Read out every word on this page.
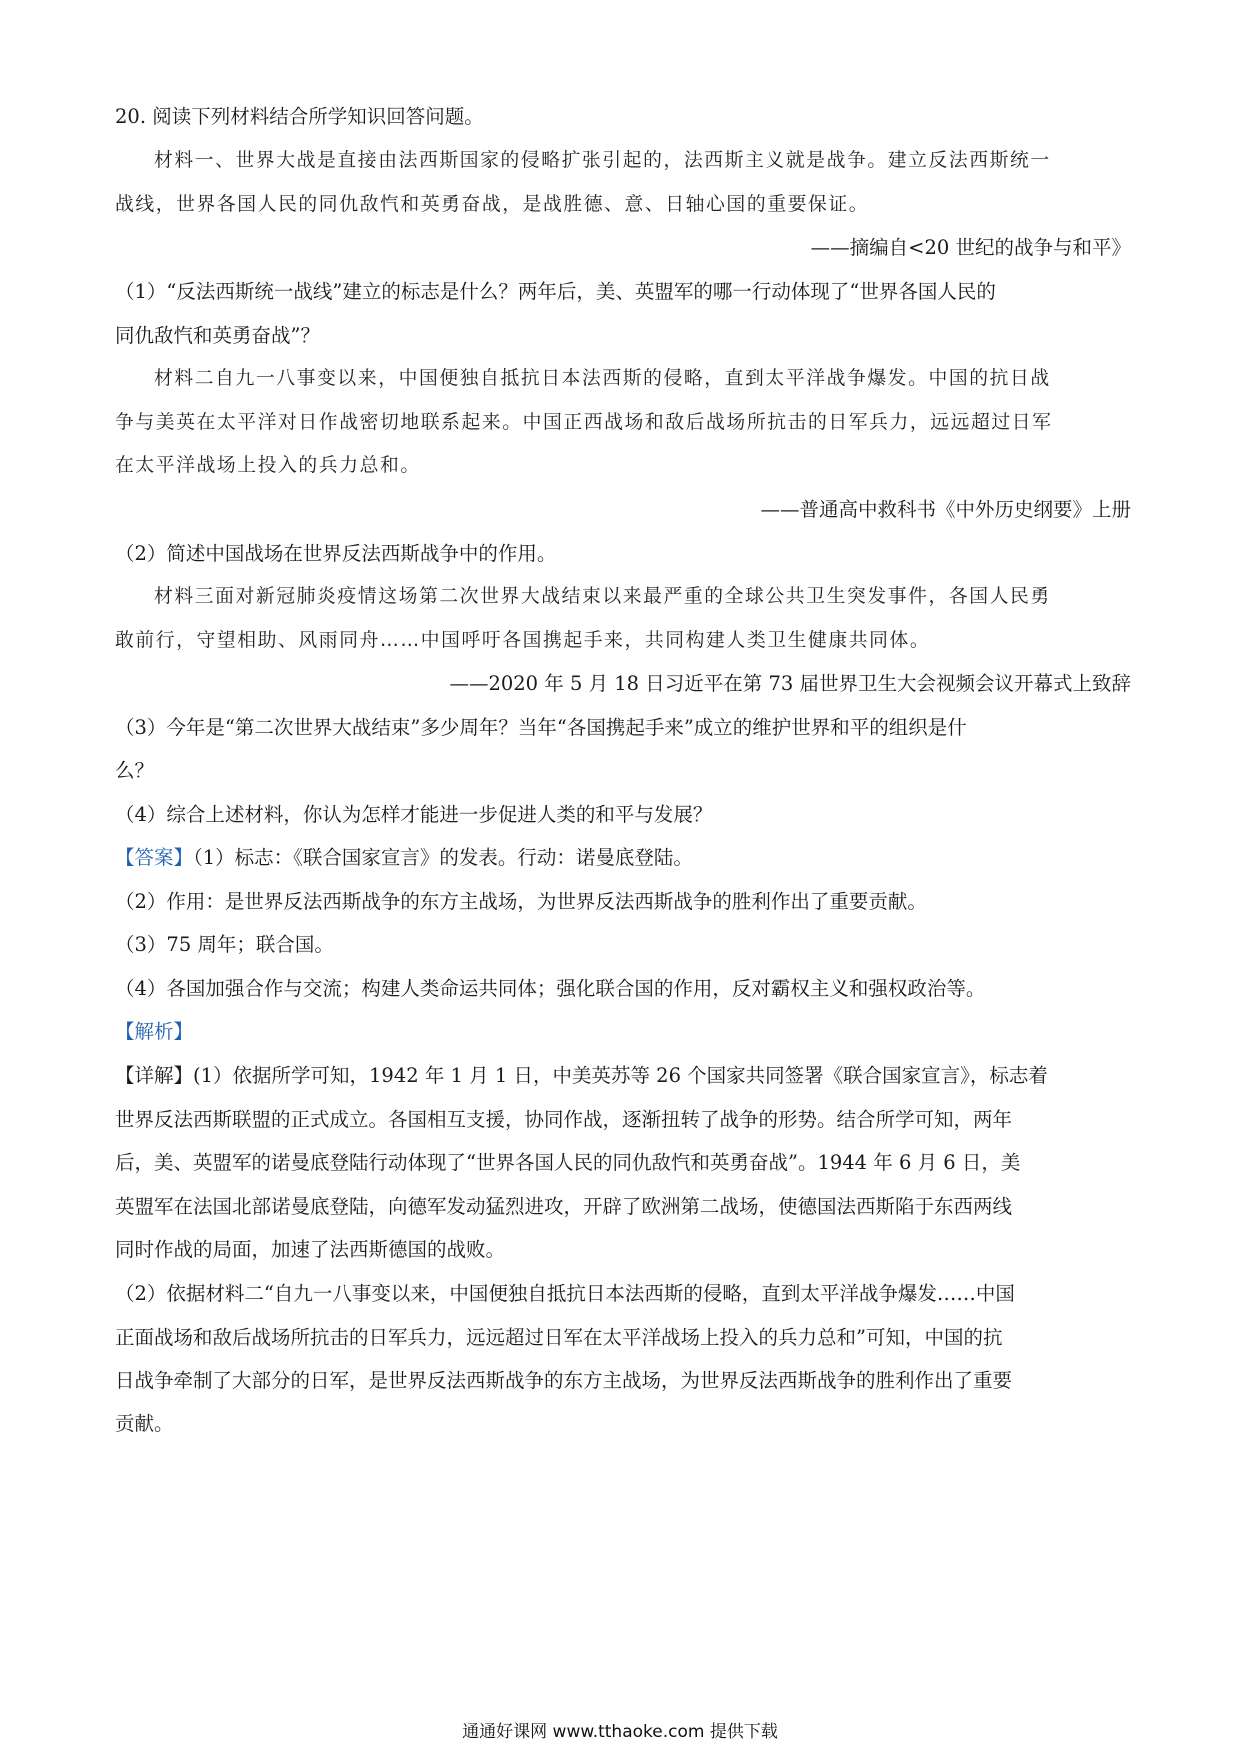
20. 阅读下列材料结合所学知识回答问题。
材料一、世界大战是直接由法西斯国家的侵略扩张引起的，法西斯主义就是战争。建立反法西斯统一
战线，世界各国人民的同仇敌忾和英勇奋战，是战胜德、意、日轴心国的重要保证。
——摘编自<20 世纪的战争与和平》
（1）“反法西斯统一战线”建立的标志是什么？两年后，美、英盟军的哪一行动体现了“世界各国人民的
同仇敌忾和英勇奋战”？
材料二自九一八事变以来，中国便独自抵抗日本法西斯的侵略，直到太平洋战争爆发。中国的抗日战
争与美英在太平洋对日作战密切地联系起来。中国正西战场和敌后战场所抗击的日军兵力，远远超过日军
在太平洋战场上投入的兵力总和。
——普通高中救科书《中外历史纲要》上册
（2）简述中国战场在世界反法西斯战争中的作用。
材料三面对新冠肺炎疫情这场第二次世界大战结束以来最严重的全球公共卫生突发事件，各国人民勇
敢前行，守望相助、风雨同舟……中国呼吁各国携起手来，共同构建人类卫生健康共同体。
——2020 年 5 月 18 日习近平在第 73 届世界卫生大会视频会议开幕式上致辞
（3）今年是“第二次世界大战结束”多少周年？当年“各国携起手来”成立的维护世界和平的组织是什
么？
（4）综合上述材料，你认为怎样才能进一步促进人类的和平与发展？
【答案】（1）标志：《联合国家宣言》的发表。行动：诺曼底登陆。
（2）作用：是世界反法西斯战争的东方主战场，为世界反法西斯战争的胜利作出了重要贡献。
（3）75 周年；联合国。
（4）各国加强合作与交流；构建人类命运共同体；强化联合国的作用，反对霸权主义和强权政治等。
【解析】
【详解】(1）依据所学可知，1942 年 1 月 1 日，中美英苏等 26 个国家共同签署《联合国家宣言》，标志着
世界反法西斯联盟的正式成立。各国相互支援，协同作战，逐渐扭转了战争的形势。结合所学可知，两年
后，美、英盟军的诺曼底登陆行动体现了“世界各国人民的同仇敌忾和英勇奋战”。1944 年 6 月 6 日，美
英盟军在法国北部诺曼底登陆，向德军发动猛烈进攻，开辟了欧洲第二战场，使德国法西斯陷于东西两线
同时作战的局面，加速了法西斯德国的战败。
（2）依据材料二“自九一八事变以来，中国便独自抵抗日本法西斯的侵略，直到太平洋战争爆发……中国
正面战场和敌后战场所抗击的日军兵力，远远超过日军在太平洋战场上投入的兵力总和”可知，中国的抗
日战争牵制了大部分的日军，是世界反法西斯战争的东方主战场，为世界反法西斯战争的胜利作出了重要
贡献。
通通好课网 www.tthaoke.com 提供下载
